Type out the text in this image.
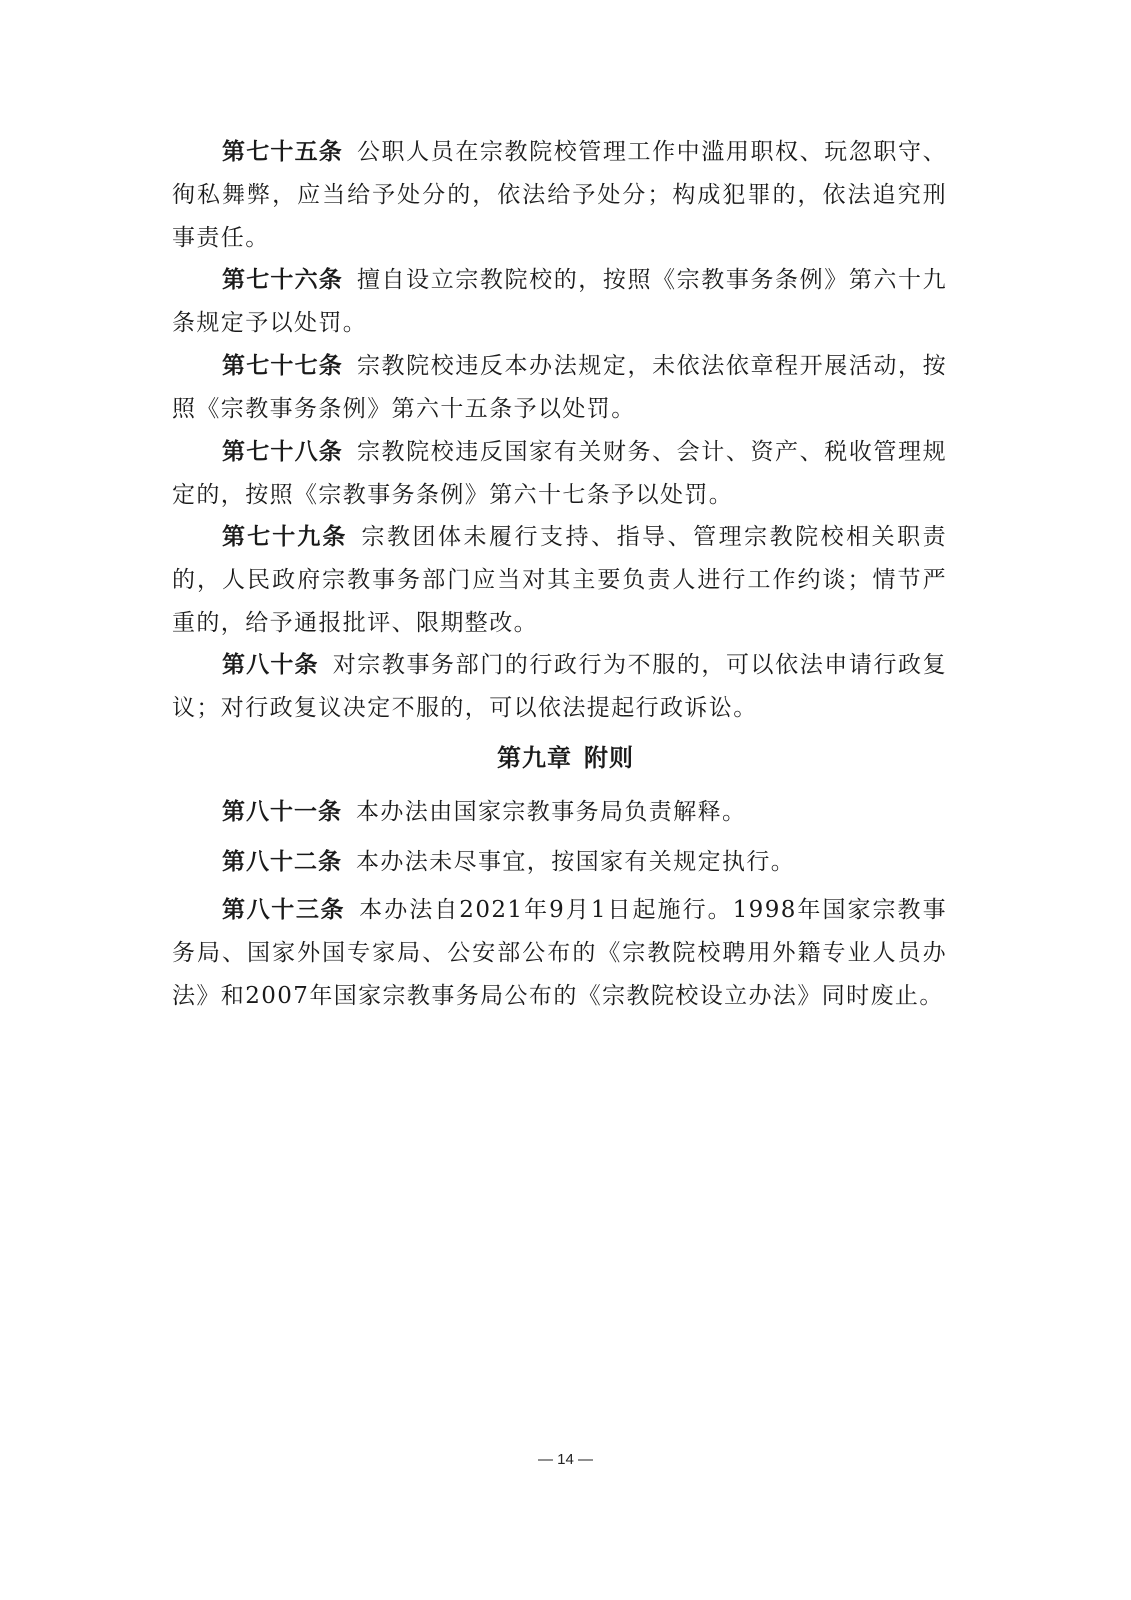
第七十五条 公职人员在宗教院校管理工作中滥用职权、玩忽职守、徇私舞弊，应当给予处分的，依法给予处分；构成犯罪的，依法追究刑事责任。
第七十六条 擅自设立宗教院校的，按照《宗教事务条例》第六十九条规定予以处罚。
第七十七条 宗教院校违反本办法规定，未依法依章程开展活动，按照《宗教事务条例》第六十五条予以处罚。
第七十八条 宗教院校违反国家有关财务、会计、资产、税收管理规定的，按照《宗教事务条例》第六十七条予以处罚。
第七十九条 宗教团体未履行支持、指导、管理宗教院校相关职责的，人民政府宗教事务部门应当对其主要负责人进行工作约谈；情节严重的，给予通报批评、限期整改。
第八十条 对宗教事务部门的行政行为不服的，可以依法申请行政复议；对行政复议决定不服的，可以依法提起行政诉讼。
第九章 附则
第八十一条 本办法由国家宗教事务局负责解释。
第八十二条 本办法未尽事宜，按国家有关规定执行。
第八十三条 本办法自2021年9月1日起施行。1998年国家宗教事务局、国家外国专家局、公安部公布的《宗教院校聘用外籍专业人员办法》和2007年国家宗教事务局公布的《宗教院校设立办法》同时废止。
— 14 —
